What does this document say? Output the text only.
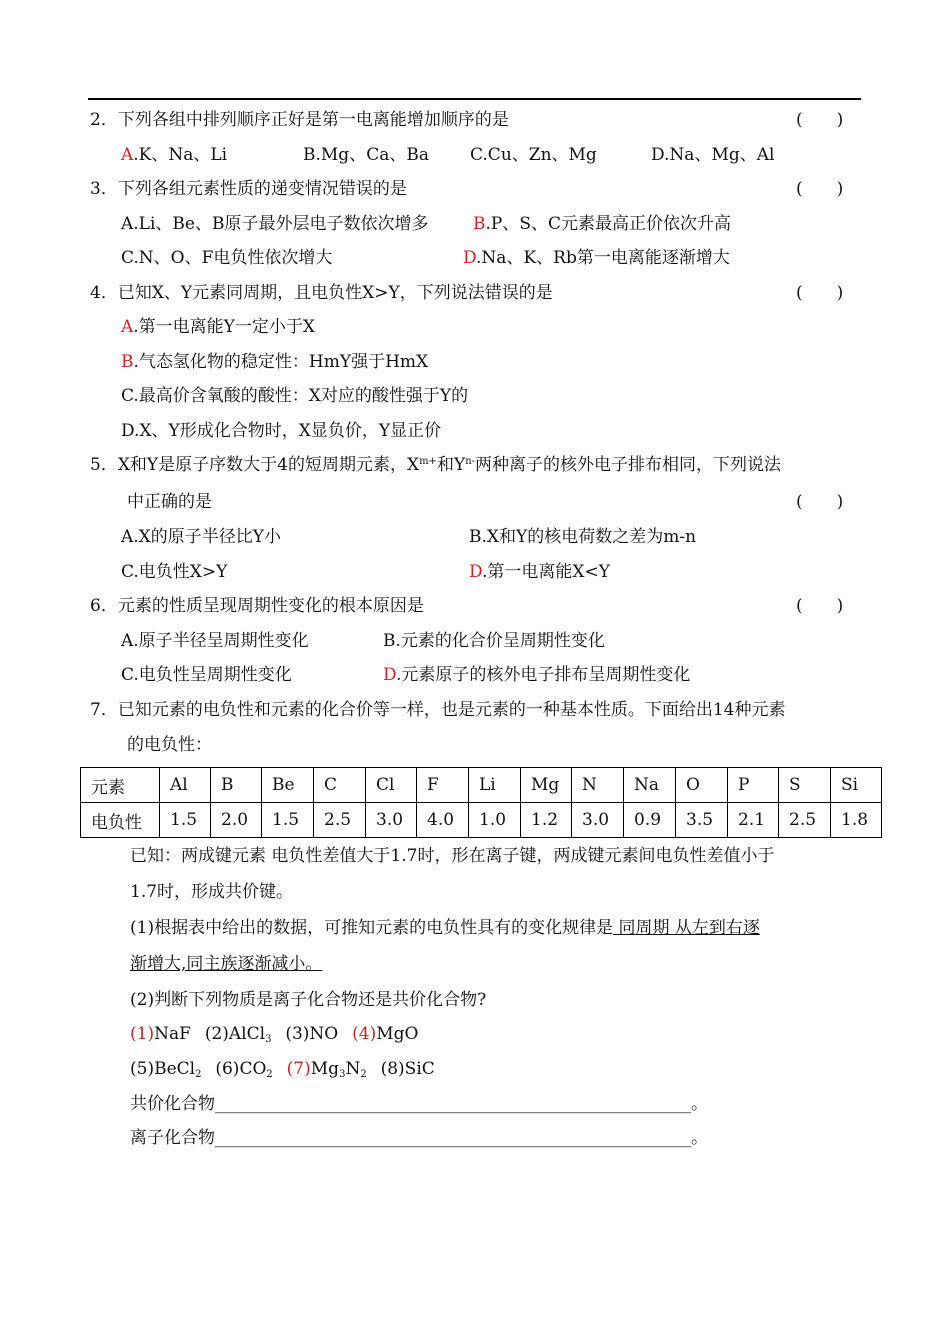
2．下列各组中排列顺序正好是第一电离能增加顺序的是	(　　)
A.K、Na、Li	B.Mg、Ca、Ba C.Cu、Zn、Mg	D.Na、Mg、Al
3．下列各组元素性质的递变情况错误的是	(　　)
A.Li、Be、B原子最外层电子数依次增多	B.P、S、C元素最高正价依次升高
C.N、O、F电负性依次增大	D.Na、K、Rb第一电离能逐渐增大
4．已知X、Y元素同周期，且电负性X>Y，下列说法错误的是	(　　)
A.第一电离能Y一定小于X
B.气态氢化物的稳定性：HmY强于HmX
C.最高价含氧酸的酸性：X对应的酸性强于Y的
D.X、Y形成化合物时，X显负价，Y显正价
5．X和Y是原子序数大于4的短周期元素，$X^{m+}$和$Y^{n-}$两种离子的核外电子排布相同，下列说法
中正确的是	(　　)
A.X的原子半径比Y小	B.X和Y的核电荷数之差为m-n
C.电负性X>Y	D.第一电离能X<Y
6．元素的性质呈现周期性变化的根本原因是	(　　)
A.原子半径呈周期性变化	B.元素的化合价呈周期性变化
C.电负性呈周期性变化	D.元素原子的核外电子排布呈周期性变化
7．已知元素的电负性和元素的化合价等一样，也是元素的一种基本性质。下面给出14种元素
的电负性：
元素	Al	B	Be	C	Cl	F	Li	Mg	N	Na	O	P	S	Si
电负性	1.5	2.0	1.5	2.5	3.0	4.0	1.0	1.2	3.0	0.9	3.5	2.1	2.5	1.8
已知：两成键元素 电负性差值大于1.7时，形在离子键，两成键元素间电负性差值小于
1.7时，形成共价键。
(1)根据表中给出的数据，可推知元素的电负性具有的变化规律是 同周期 从左到右逐
渐增大,同主族逐渐减小。
(2)判断下列物质是离子化合物还是共价化合物?
(1)NaF  (2)AlCl$_3$  (3)NO  (4)MgO
(5)BeCl$_2$  $(6)CO_2$  $(7)Mg_3N_2$  (8)SiC
共价化合物________________________________________________________。
离子化合物________________________________________________________。
